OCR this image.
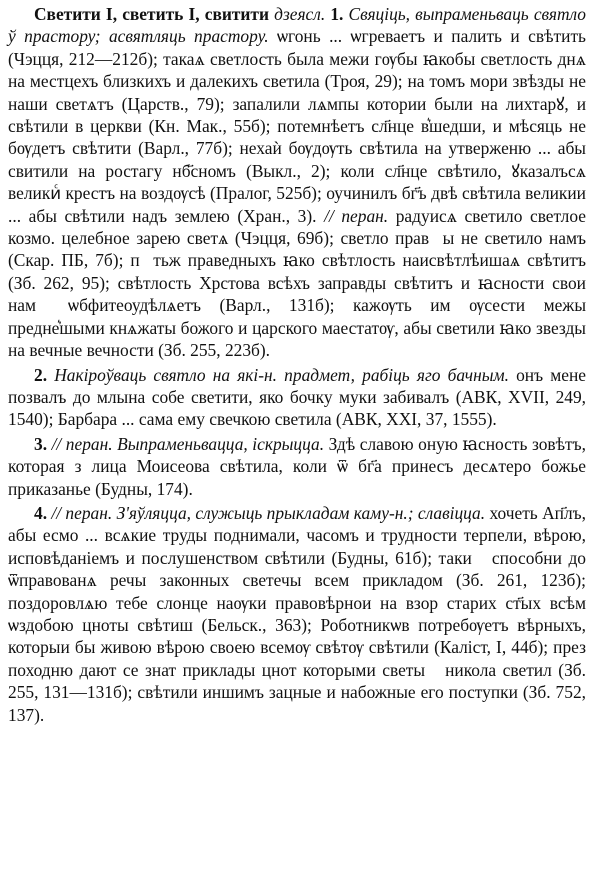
Светити I, светить I, свитити дзеясл. 1. Свяціць, выпраменьваць святло ў прастору; асвятляць прастору. ѡгонь ... ѡгреваетъ и палить и свѣтить (Чэцця, 212—212б); такаѧ светлость была межи гѹбы ꙗкобы светлость днѧ на местцехъ близкихъ и далекихъ светила (Троя, 29); на томъ мори звѣзды не наши светѧтъ (Царств., 79); запалили лѧмпы котории были на лихтарꙋ, и свѣтили в церкви (Кн. Мак., 55б); потемнѣетъ сл҃нце в͛шедши, и мѣсяць не бѹдетъ свѣтити (Варл., 77б); нехаѝ бѹдѹть свѣтила на утверженю ... абы свитили на ростагу нб҃сномъ (Выкл., 2); коли сл҃нце свѣтило, ꙋказалъсѧ великиⷭ крестъ на воздѹсѣ (Пралог, 525б); оучинилъ бг҃ъ двѣ свѣтила великии ... абы свѣтили надъ землею (Хран., 3). // перан. радуисѧ светило светлое козмо. целебное зарею светѧ (Чэцця, 69б); светло правⷣы не светило намъ (Скар. ПБ, 7б); пꙋтьж праведныхъ ꙗко свѣтлость наисвѣтлѣишаѧ свѣтитъ (Зб. 262, 95); свѣтлость Хрстова всѣхъ заправды свѣтитъ и ꙗсности свои намⷭ ѡбфитеоудѣлѧетъ (Варл., 131б); кажѹть им ѹсести межы предне͛шыми кнѧжаты божого и царского маестатѹ, абы светили ꙗко звезды на вечные вечности (Зб. 255, 223б).

2. Накіроўваць святло на які-н. прадмет, рабіць яго бачным. онъ мене позвалъ до млына собе светити, яко бочку муки забивалъ (АВК, XVII, 249, 1540); Барбара ... сама ему свечкою светила (АВК, XXI, 37, 1555).

3. // перан. Выпраменьвацца, іскрыцца. Здѣ славою оную ꙗсность зовѣтъ, которая з лица Моисеова свѣтила, коли ѿ бг҃а принесъ десѧтеро божье приказанье (Будны, 174).

4. // перан. З'яўляцца, служыць прыкладам каму-н.; славіцца. хочеть Ап҃лъ, абы есмо ... всѧкие труды поднимали, часомъ и трудности терпели, вѣрою, исповѣданіемъ и послушенством свѣтили (Будны, 61б); такиⷭ способни до ѿправованѧ речы законных светечы всем прикладом (Зб. 261, 123б); поздоровлѧю тебе слонце наѹки правовѣрнои на взор старих ст҃ых всѣм ѡздобою цноты свѣтиш (Бельск., 363); Роботникѡв потребѹетъ вѣрныхъ, которыи бы живою вѣрою своею всемѹ свѣтѹ свѣтили (Каліст, I, 44б); през походню дают се знат приклады цнот которыми светыⷭ никола светил (Зб. 255, 131—131б); свѣтили иншимъ зацные и набожные его поступки (Зб. 752, 137).
